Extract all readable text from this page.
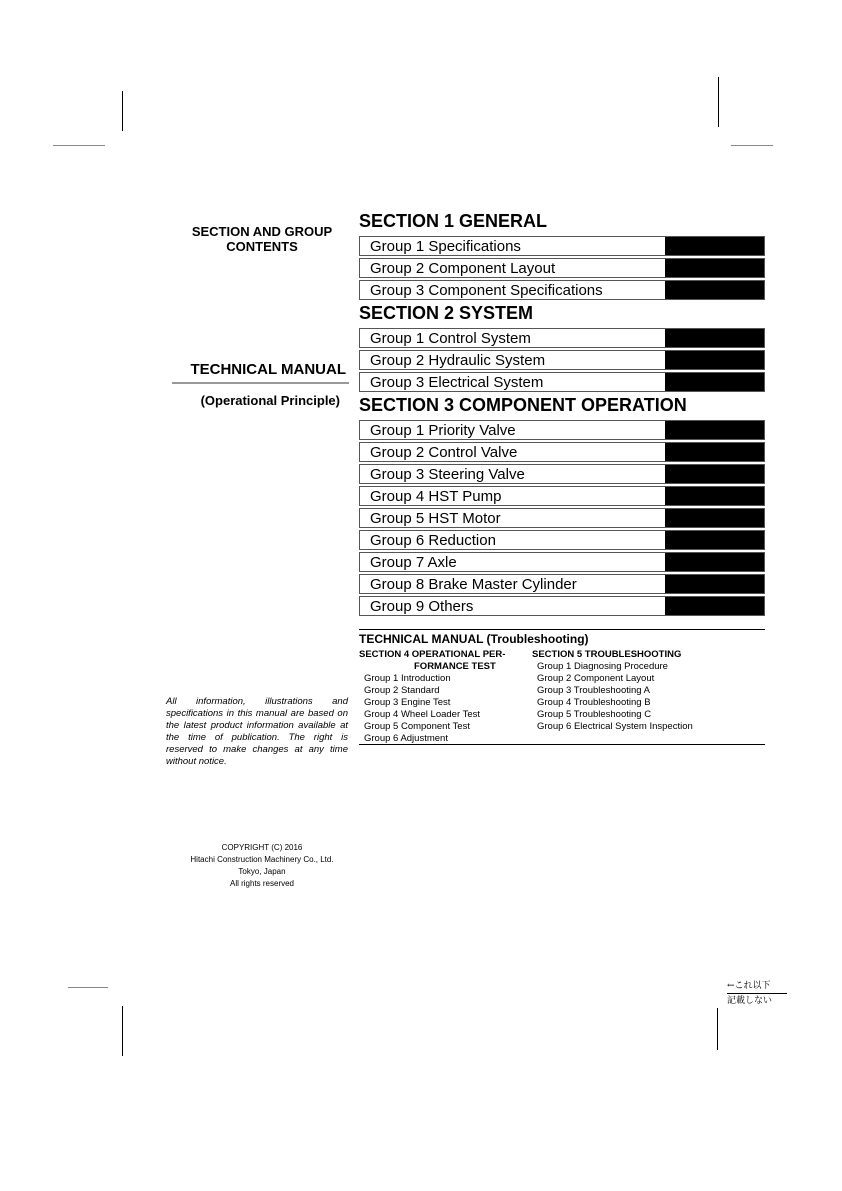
SECTION AND GROUP
CONTENTS
TECHNICAL MANUAL
(Operational Principle)
All information, illustrations and specifications in this manual are based on the latest product information available at the time of publication. The right is reserved to make changes at any time without notice.
COPYRIGHT (C) 2016
Hitachi Construction Machinery Co., Ltd.
Tokyo, Japan
All rights reserved
SECTION 1 GENERAL
Group 1 Specifications
Group 2 Component Layout
Group 3 Component Specifications
SECTION 2 SYSTEM
Group 1 Control System
Group 2 Hydraulic System
Group 3 Electrical System
SECTION 3 COMPONENT OPERATION
Group 1 Priority Valve
Group 2 Control Valve
Group 3 Steering Valve
Group 4 HST Pump
Group 5 HST Motor
Group 6 Reduction
Group 7 Axle
Group 8 Brake Master Cylinder
Group 9 Others
TECHNICAL MANUAL (Troubleshooting)
SECTION 4 OPERATIONAL PER-
FORMANCE TEST
Group 1 Introduction
Group 2 Standard
Group 3 Engine Test
Group 4 Wheel Loader Test
Group 5 Component Test
Group 6 Adjustment
SECTION 5 TROUBLESHOOTING
Group 1 Diagnosing Procedure
Group 2 Component Layout
Group 3 Troubleshooting A
Group 4 Troubleshooting B
Group 5 Troubleshooting C
Group 6 Electrical System Inspection
←これ以下
記載しない
